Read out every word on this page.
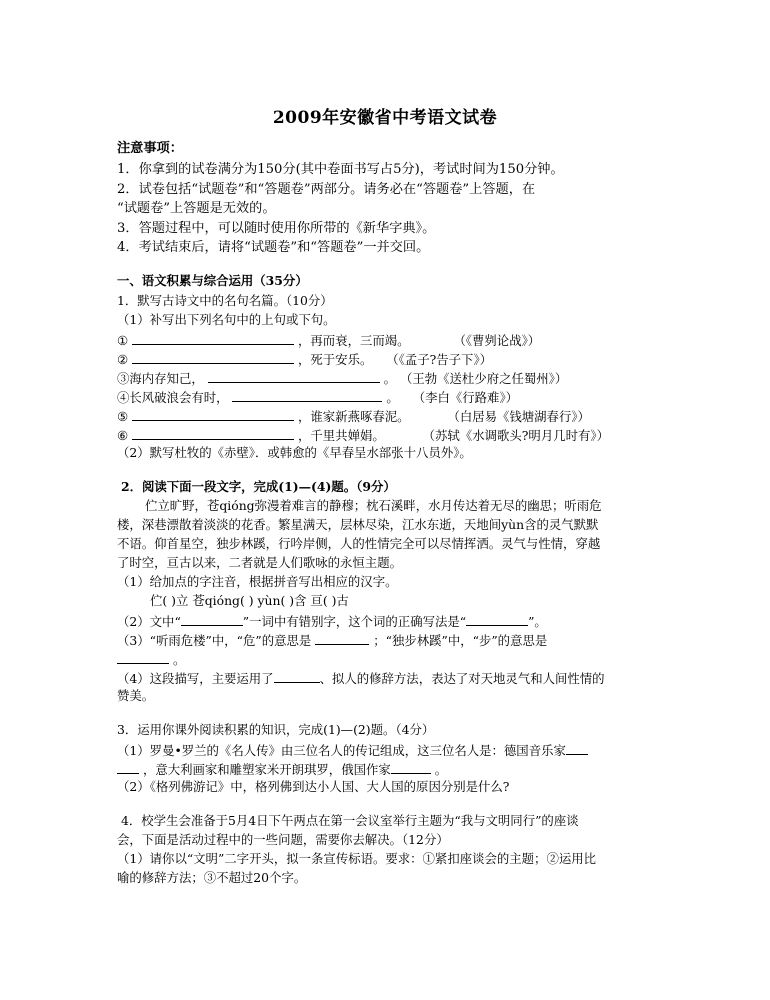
2009年安徽省中考语文试卷
注意事项：
1．你拿到的试卷满分为150分(其中卷面书写占5分)，考试时间为150分钟。
2．试卷包括“试题卷”和“答题卷”两部分。请务必在“答题卷”上答题，在
“试题卷”上答题是无效的。
3．答题过程中，可以随时使用你所带的《新华字典》。
4．考试结束后，请将“试题卷”和“答题卷”一并交回。
一、语文积累与综合运用（35分）
1．默写古诗文中的名句名篇。（10分）
（1）补写出下列名句中的上句或下句。
①	，再而衰，三而竭。	（《曹刿论战》）
②	，死于安乐。 （《孟子?告子下》）
③海内存知己，	。 （王勃《送杜少府之任蜀州》）
④长风破浪会有时，	。 （李白《行路难》）
⑤	，谁家新燕啄春泥。	（白居易《钱塘湖春行》）
⑥	，千里共婵娟。	（苏轼《水调歌头?明月几时有》）
（2）默写杜牧的《赤壁》．或韩愈的《早春呈水部张十八员外》。
2．阅读下面一段文字，完成(1)—(4)题。（9分）
伫立旷野，苍qióng弥漫着难言的静穆；枕石溪畔，水月传达着无尽的幽思；听雨危
楼，深巷漂散着淡淡的花香。繁星满天，层林尽染，江水东逝，天地间yùn含的灵气默默
不语。仰首星空，独步林蹊，行吟岸侧，人的性情完全可以尽情挥洒。灵气与性情，穿越
了时空，亘古以来，二者就是人们歌咏的永恒主题。
（1）给加点的字注音，根据拼音写出相应的汉字。
伫( )立 苍qióng( ) yùn( )含 亘( )古
（2）文中“	”一词中有错别字，这个词的正确写法是“	”。
（3）“听雨危楼”中，“危”的意思是	；“独步林蹊”中，“步”的意思是
。
（4）这段描写，主要运用了	、拟人的修辞方法，表达了对天地灵气和人间性情的
赞美。
3．运用你课外阅读积累的知识，完成(1)—(2)题。（4分）
（1）罗曼•罗兰的《名人传》由三位名人的传记组成，这三位名人是：德国音乐家
，意大利画家和雕塑家米开朗琪罗，俄国作家	。
（2）《格列佛游记》中，格列佛到达小人国、大人国的原因分别是什么?
4．校学生会准备于5月4日下午两点在第一会议室举行主题为“我与文明同行”的座谈
会，下面是活动过程中的一些问题，需要你去解决。（12分）
（1）请你以“文明”二字开头，拟一条宣传标语。要求：①紧扣座谈会的主题；②运用比
喻的修辞方法；③不超过20个字。
